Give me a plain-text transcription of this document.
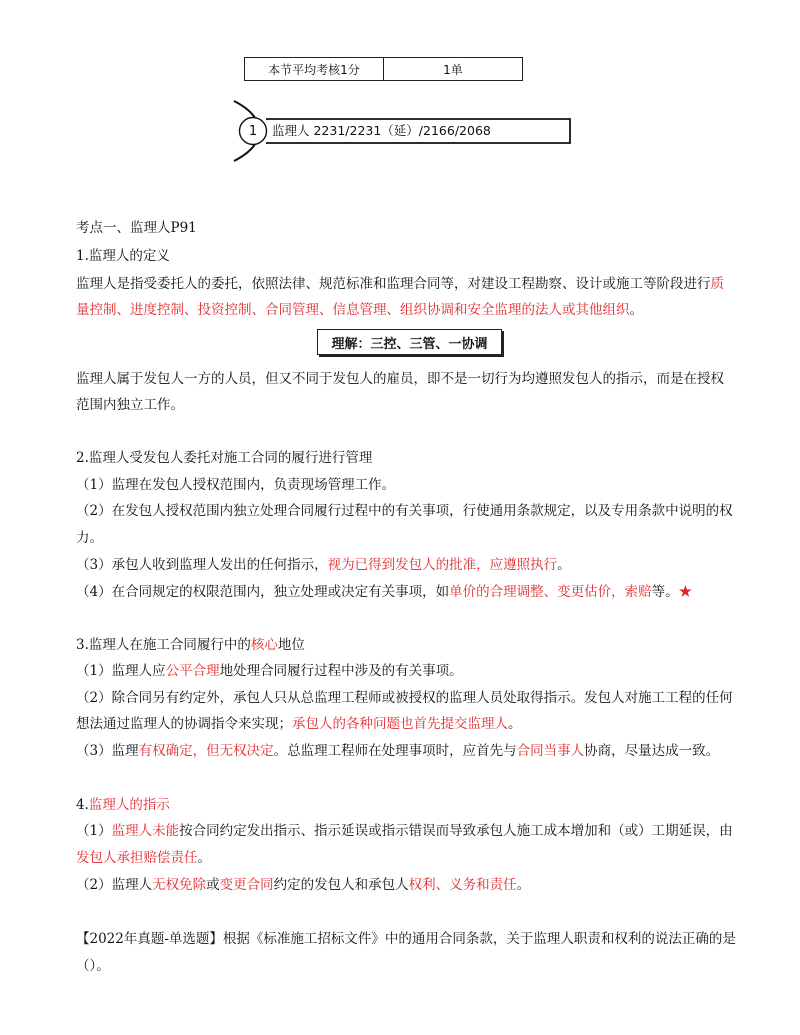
本节平均考核1分	1单
1	监理人 2231/2231（延）/2166/2068
考点一、监理人P91
1.监理人的定义
监理人是指受委托人的委托，依照法律、规范标准和监理合同等，对建设工程勘察、设计或施工等阶段进行质
量控制、进度控制、投资控制、合同管理、信息管理、组织协调和安全监理的法人或其他组织。
理解：三控、三管、一协调
监理人属于发包人一方的人员，但又不同于发包人的雇员，即不是一切行为均遵照发包人的指示，而是在授权
范围内独立工作。
2.监理人受发包人委托对施工合同的履行进行管理
（1）监理在发包人授权范围内，负责现场管理工作。
（2）在发包人授权范围内独立处理合同履行过程中的有关事项，行使通用条款规定，以及专用条款中说明的权
力。
（3）承包人收到监理人发出的任何指示，视为已得到发包人的批准，应遵照执行。
（4）在合同规定的权限范围内，独立处理或决定有关事项，如单价的合理调整、变更估价，索赔等。★
3.监理人在施工合同履行中的核心地位
（1）监理人应公平合理地处理合同履行过程中涉及的有关事项。
（2）除合同另有约定外，承包人只从总监理工程师或被授权的监理人员处取得指示。发包人对施工工程的任何
想法通过监理人的协调指令来实现；承包人的各种问题也首先提交监理人。
（3）监理有权确定，但无权决定。总监理工程师在处理事项时，应首先与合同当事人协商，尽量达成一致。
4.监理人的指示
（1）监理人未能按合同约定发出指示、指示延误或指示错误而导致承包人施工成本增加和（或）工期延误，由
发包人承担赔偿责任。
（2）监理人无权免除或变更合同约定的发包人和承包人权利、义务和责任。
【2022年真题-单选题】根据《标准施工招标文件》中的通用合同条款，关于监理人职责和权利的说法正确的是
（）。
